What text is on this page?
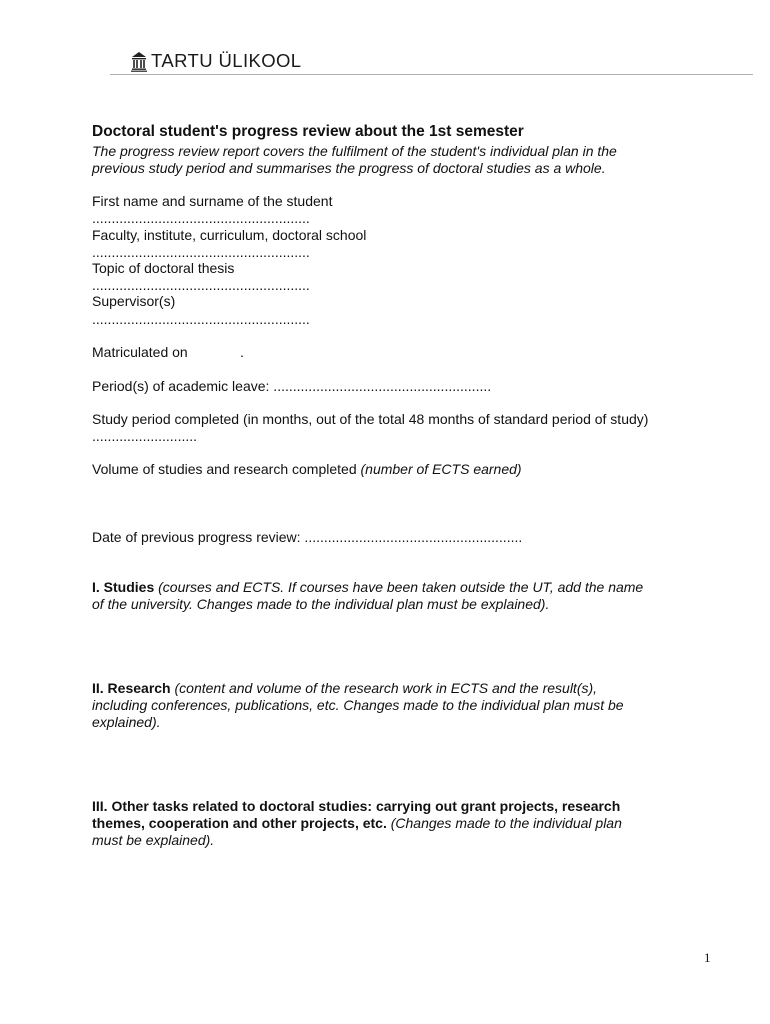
TARTU ÜLIKOOL
Doctoral student's progress review about the 1st semester
The progress review report covers the fulfilment of the student's individual plan in the
previous study period and summarises the progress of doctoral studies as a whole.
First name and surname of the student
........................................................
Faculty, institute, curriculum, doctoral school
........................................................
Topic of doctoral thesis
........................................................
Supervisor(s)
........................................................
Matriculated on	.
Period(s) of academic leave: ........................................................
Study period completed (in months, out of the total 48 months of standard period of study)
...........................
Volume of studies and research completed (number of ECTS earned)
Date of previous progress review: ........................................................
I. Studies (courses and ECTS. If courses have been taken outside the UT, add the name
of the university. Changes made to the individual plan must be explained).
II. Research (content and volume of the research work in ECTS and the result(s),
including conferences, publications, etc. Changes made to the individual plan must be
explained).
III. Other tasks related to doctoral studies: carrying out grant projects, research
themes, cooperation and other projects, etc. (Changes made to the individual plan
must be explained).
1
